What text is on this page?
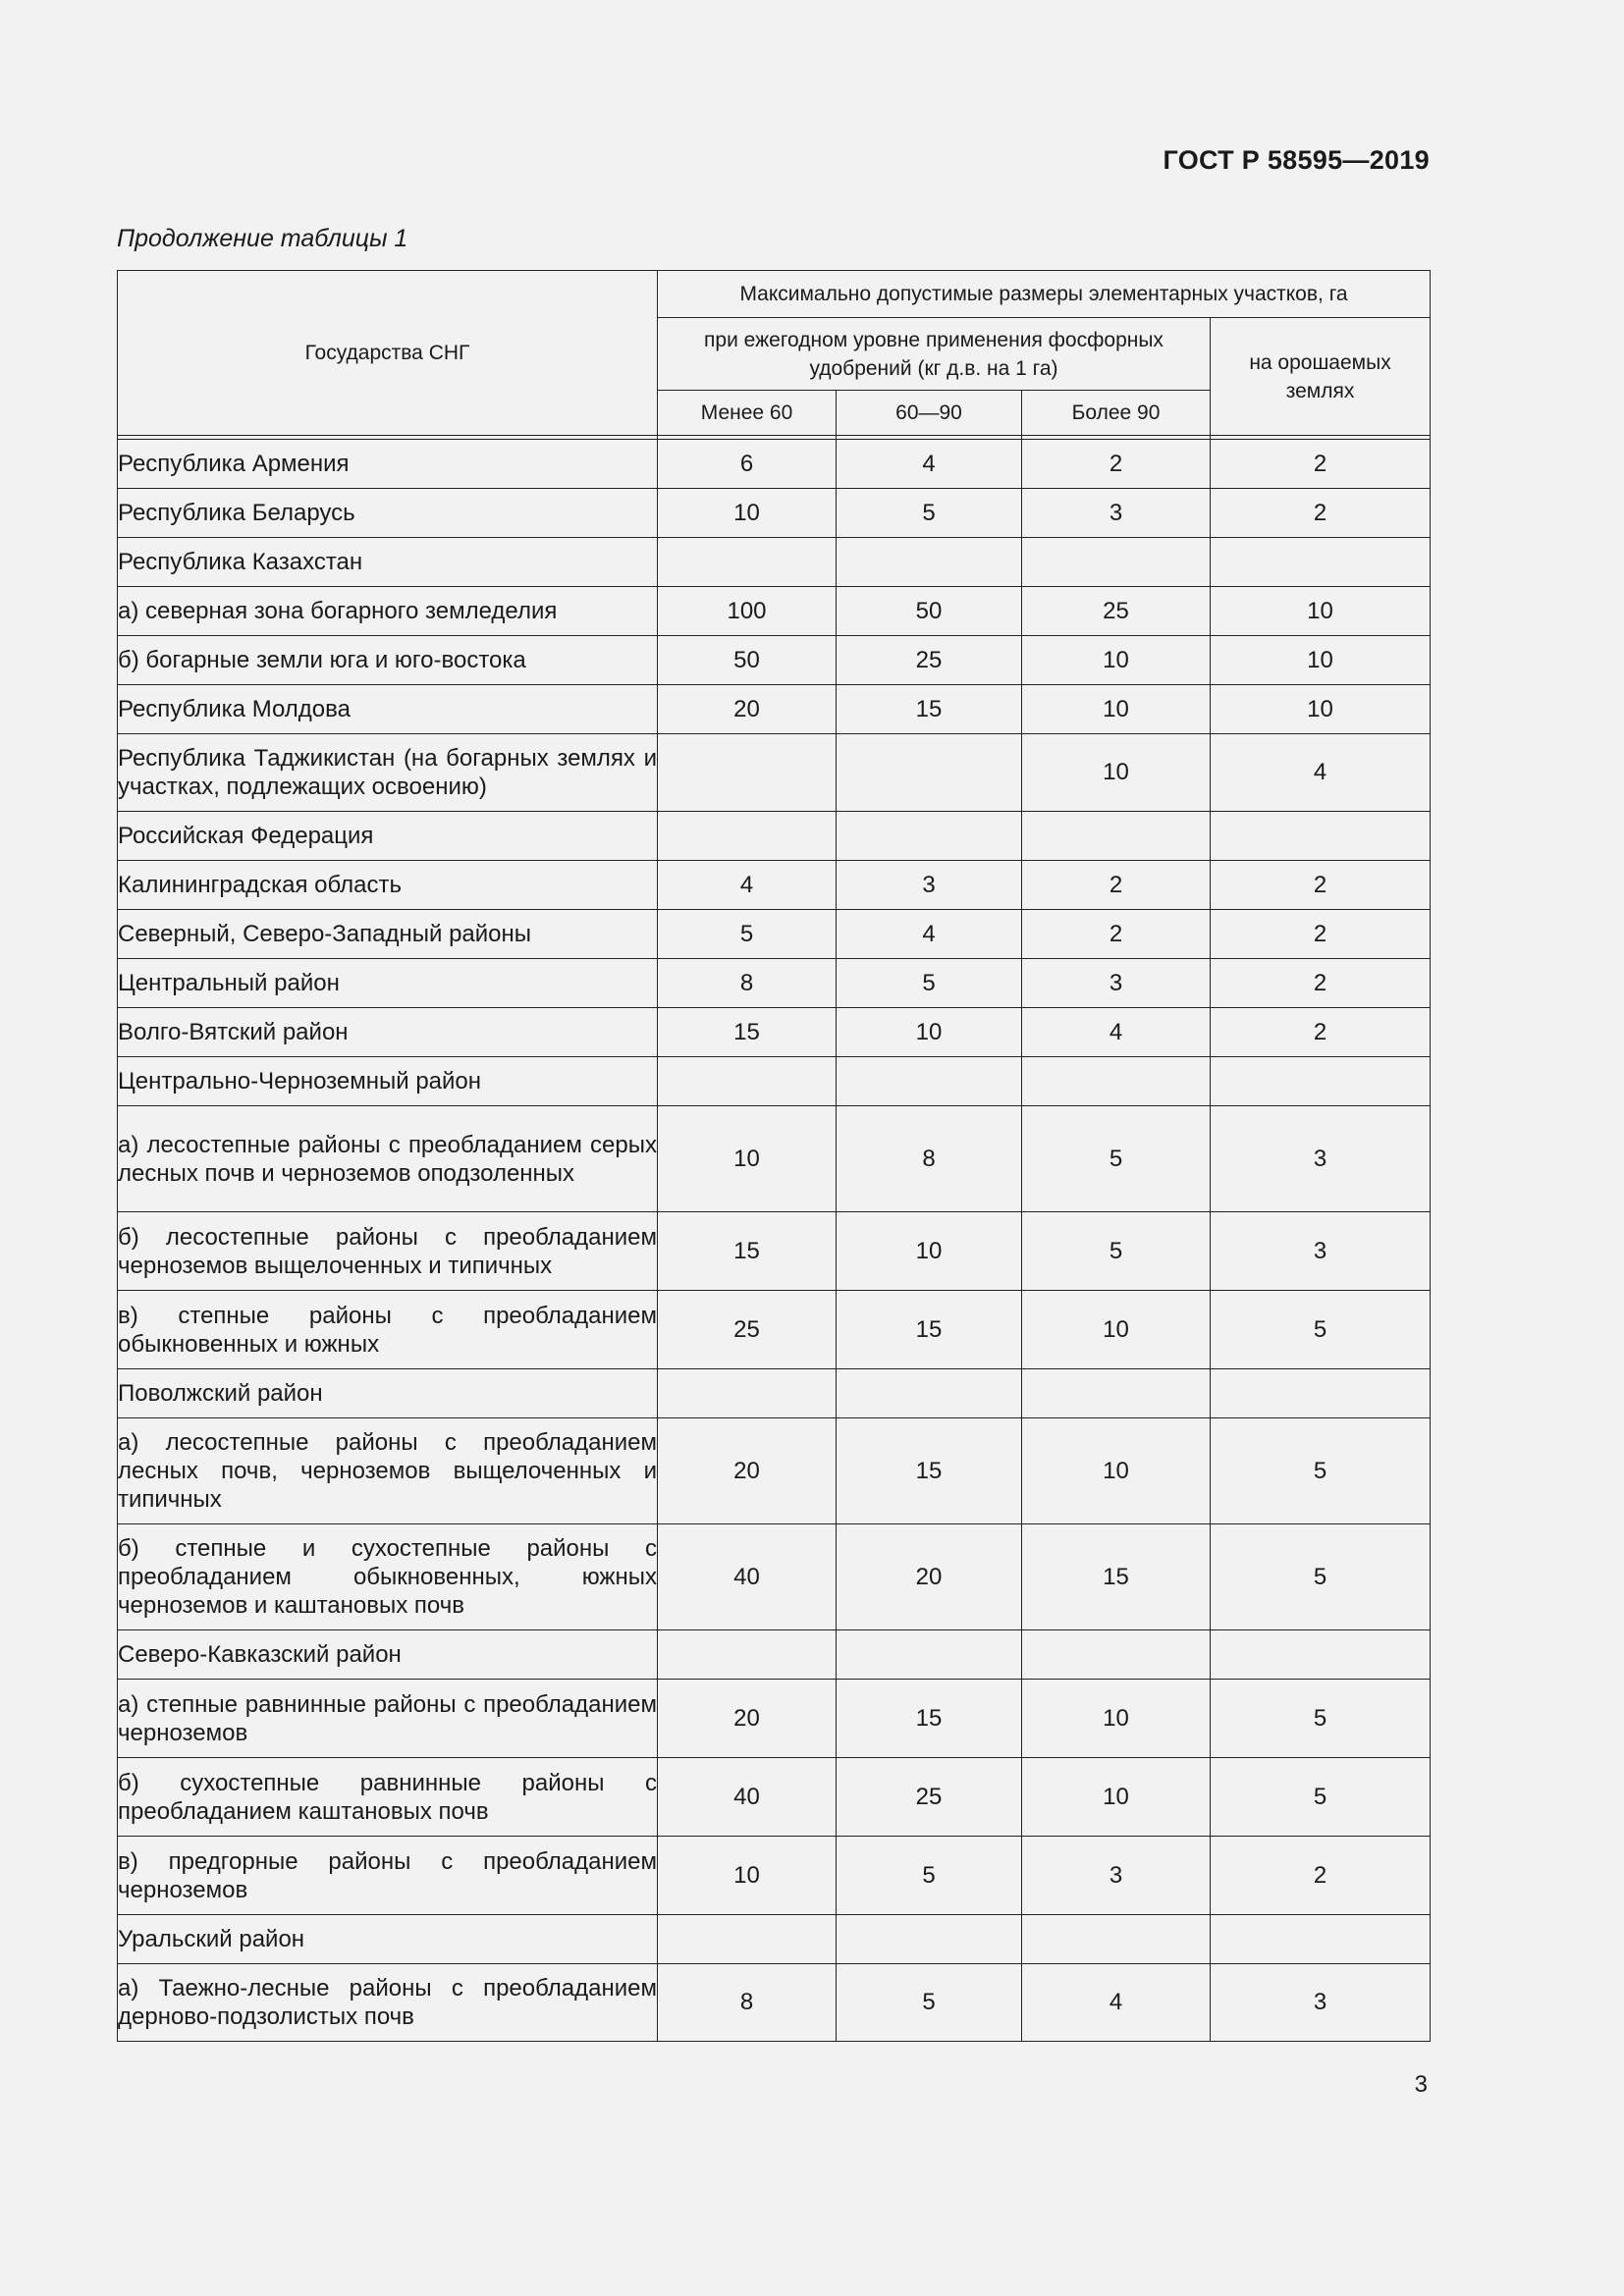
ГОСТ Р 58595—2019
Продолжение таблицы 1
Государства СНГ	Максимально допустимые размеры элементарных участков, га			
	при ежегодном уровне применения фосфорных удобрений (кг д.в. на 1 га)			на орошаемых землях
	Менее 60	60—90	Более 90	

Республика Армения	6	4	2	2
Республика Беларусь	10	5	3	2
Республика Казахстан				
а) северная зона богарного земледелия	100	50	25	10
б) богарные земли юга и юго-востока	50	25	10	10
Республика Молдова	20	15	10	10
Республика Таджикистан (на богарных землях и участках, подлежащих освоению)			10	4
Российская Федерация				
Калининградская область	4	3	2	2
Северный, Северо-Западный районы	5	4	2	2
Центральный район	8	5	3	2
Волго-Вятский район	15	10	4	2
Центрально-Черноземный район				
а) лесостепные районы с преобладанием серых лесных почв и черноземов оподзоленных	10	8	5	3
б) лесостепные районы с преобладанием черноземов выщелоченных и типичных	15	10	5	3
в) степные районы с преобладанием обыкновенных и южных	25	15	10	5
Поволжский район				
а) лесостепные районы с преобладанием лесных почв, черноземов выщелоченных и типичных	20	15	10	5
б) степные и сухостепные районы с преобладанием обыкновенных, южных черноземов и каштановых почв	40	20	15	5
Северо-Кавказский район				
а) степные равнинные районы с преобладанием черноземов	20	15	10	5
б) сухостепные равнинные районы с преобладанием каштановых почв	40	25	10	5
в) предгорные районы с преобладанием черноземов	10	5	3	2
Уральский район				
а) Таежно-лесные районы с преобладанием дерново-подзолистых почв	8	5	4	3
3
